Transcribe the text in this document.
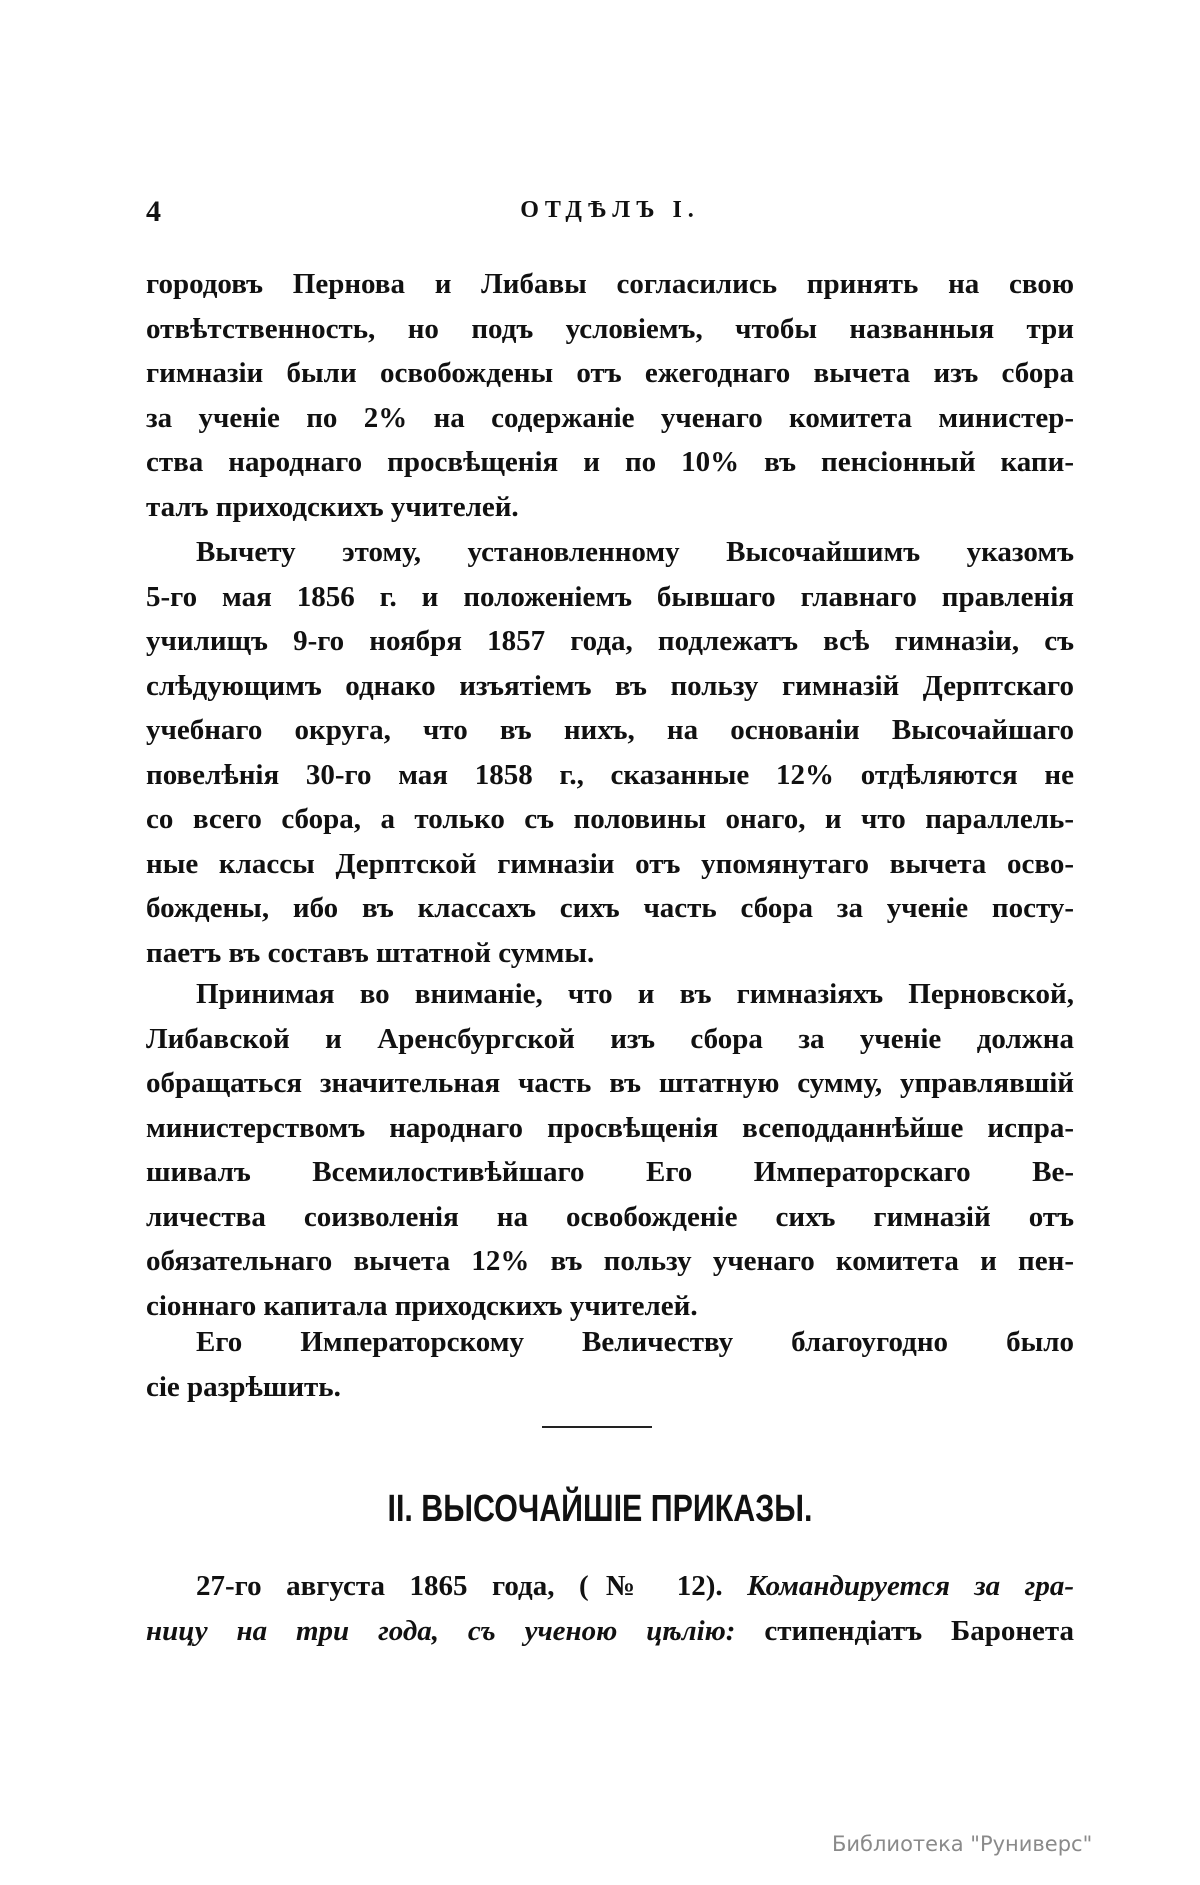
4	ОТДѢЛЪ I.
городовъ Пернова и Либавы согласились принять на свою
отвѣтственность, но подъ условіемъ, чтобы названныя три
гимназіи были освобождены отъ ежегоднаго вычета изъ сбора
за ученіе по 2% на содержаніе ученаго комитета министер-
ства народнаго просвѣщенія и по 10% въ пенсіонный капи-
талъ приходскихъ учителей.
Вычету этому, установленному Высочайшимъ указомъ
5-го мая 1856 г. и положеніемъ бывшаго главнаго правленія
училищъ 9-го ноября 1857 года, подлежатъ всѣ гимназіи, съ
слѣдующимъ однако изъятіемъ въ пользу гимназій Дерптскаго
учебнаго округа, что въ нихъ, на основаніи Высочайшаго
повелѣнія 30-го мая 1858 г., сказанные 12% отдѣляются не
со всего сбора, а только съ половины онаго, и что параллель-
ные классы Дерптской гимназіи отъ упомянутаго вычета осво-
бождены, ибо въ классахъ сихъ часть сбора за ученіе посту-
паетъ въ составъ штатной суммы.
Принимая во вниманіе, что и въ гимназіяхъ Перновской,
Либавской и Аренсбургской изъ сбора за ученіе должна
обращаться значительная часть въ штатную сумму, управлявшій
министерствомъ народнаго просвѣщенія всеподданнѣйше испра-
шивалъ Всемилостивѣйшаго Его Императорскаго Ве-
личества соизволенія на освобожденіе сихъ гимназій отъ
обязательнаго вычета 12% въ пользу ученаго комитета и пен-
сіоннаго капитала приходскихъ учителей.
Его Императорскому Величеству благоугодно было
сіе разрѣшить.
II. ВЫСОЧАЙШІЕ ПРИКАЗЫ.
27-го августа 1865 года, (№ 12). Командируется за гра-
ницу на три года, съ ученою цѣлію: стипендіатъ Баронета
Библиотека "Руниверс"
